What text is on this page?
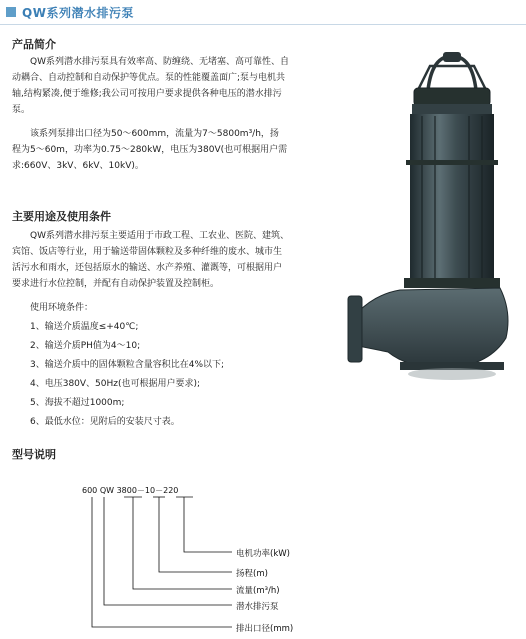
QW系列潜水排污泵
产品简介
QW系列潜水排污泵具有效率高、防缠绕、无堵塞、高可靠性、自
动耦合、自动控制和自动保护等优点。泵的性能覆盖面广;泵与电机共
轴,结构紧凑,便于维修;我公司可按用户要求提供各种电压的潜水排污
泵。
该系列泵排出口径为50～600mm，流量为7～5800m³/h，扬
程为5～60m，功率为0.75～280kW，电压为380V(也可根据用户需
求:660V、3kV、6kV、10kV)。
主要用途及使用条件
QW系列潜水排污泵主要适用于市政工程、工农业、医院、建筑、
宾馆、饭店等行业，用于输送带固体颗粒及多种纤维的废水、城市生
活污水和雨水，还包括原水的输送、水产养殖、灌溉等，可根据用户
要求进行水位控制，并配有自动保护装置及控制柜。
使用环境条件：
1、输送介质温度≤+40℃;
2、输送介质PH值为4～10;
3、输送介质中的固体颗粒含量容积比在4%以下;
4、电压380V、50Hz(也可根据用户要求);
5、海拔不超过1000m;
6、最低水位：见附后的安装尺寸表。
型号说明
600 QW 3800－10－220
电机功率(kW)
扬程(m)
流量(m³/h)
潜水排污泵
排出口径(mm)
